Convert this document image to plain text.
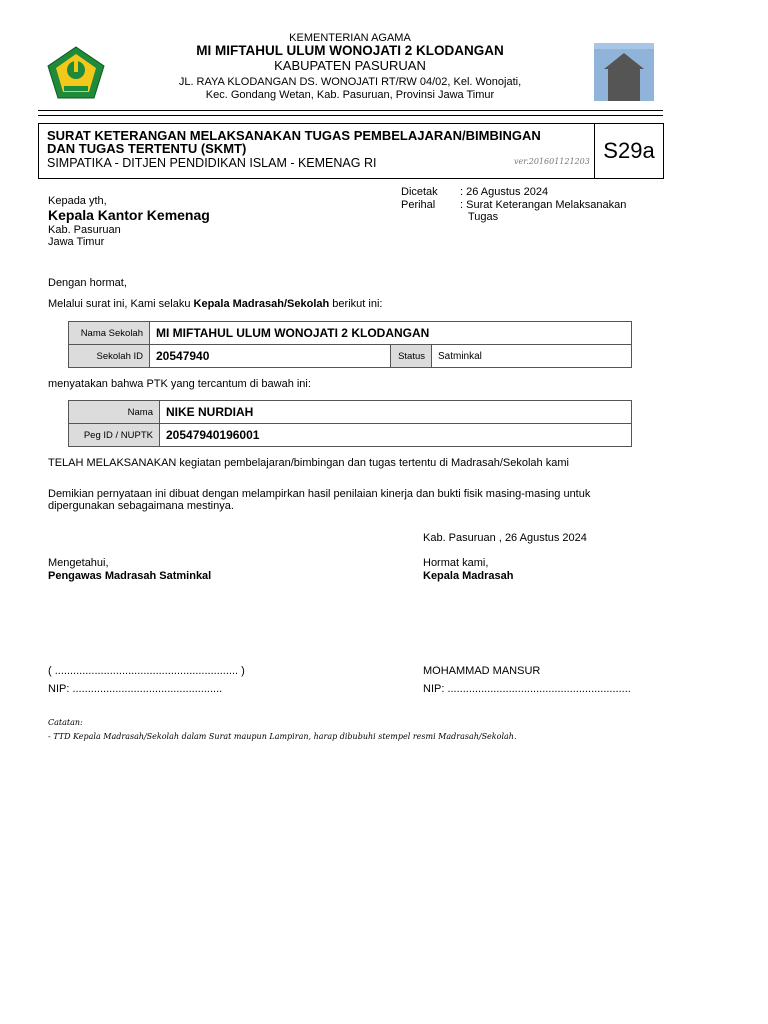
KEMENTERIAN AGAMA
MI MIFTAHUL ULUM WONOJATI 2 KLODANGAN
KABUPATEN PASURUAN
JL. RAYA KLODANGAN DS. WONOJATI RT/RW 04/02, Kel. Wonojati,
Kec. Gondang Wetan, Kab. Pasuruan, Provinsi Jawa Timur
S29a
SURAT KETERANGAN MELAKSANAKAN TUGAS PEMBELAJARAN/BIMBINGAN
DAN TUGAS TERTENTU (SKMT)
SIMPATIKA - DITJEN PENDIDIKAN ISLAM - KEMENAG RI	ver.201601121203
Dicetak : 26 Agustus 2024
Perihal : Surat Keterangan Melaksanakan
Tugas
Kepada yth,
Kepala Kantor Kemenag
Kab. Pasuruan
Jawa Timur
Dengan hormat,
Melalui surat ini, Kami selaku Kepala Madrasah/Sekolah berikut ini:
Nama Sekolah	MI MIFTAHUL ULUM WONOJATI 2 KLODANGAN		
Sekolah ID	20547940	Status	Satminkal
menyatakan bahwa PTK yang tercantum di bawah ini:
Nama	NIKE NURDIAH
Peg ID / NUPTK	20547940196001
TELAH MELAKSANAKAN kegiatan pembelajaran/bimbingan dan tugas tertentu di Madrasah/Sekolah kami
Demikian pernyataan ini dibuat dengan melampirkan hasil penilaian kinerja dan bukti fisik masing-masing untuk
dipergunakan sebagaimana mestinya.
Kab. Pasuruan , 26 Agustus 2024
Mengetahui,
Pengawas Madrasah Satminkal
Hormat kami,
Kepala Madrasah
( ............................................................ )
NIP: .................................................
MOHAMMAD MANSUR
NIP: ............................................................
Catatan:
- TTD Kepala Madrasah/Sekolah dalam Surat maupun Lampiran, harap dibubuhi stempel resmi Madrasah/Sekolah.
